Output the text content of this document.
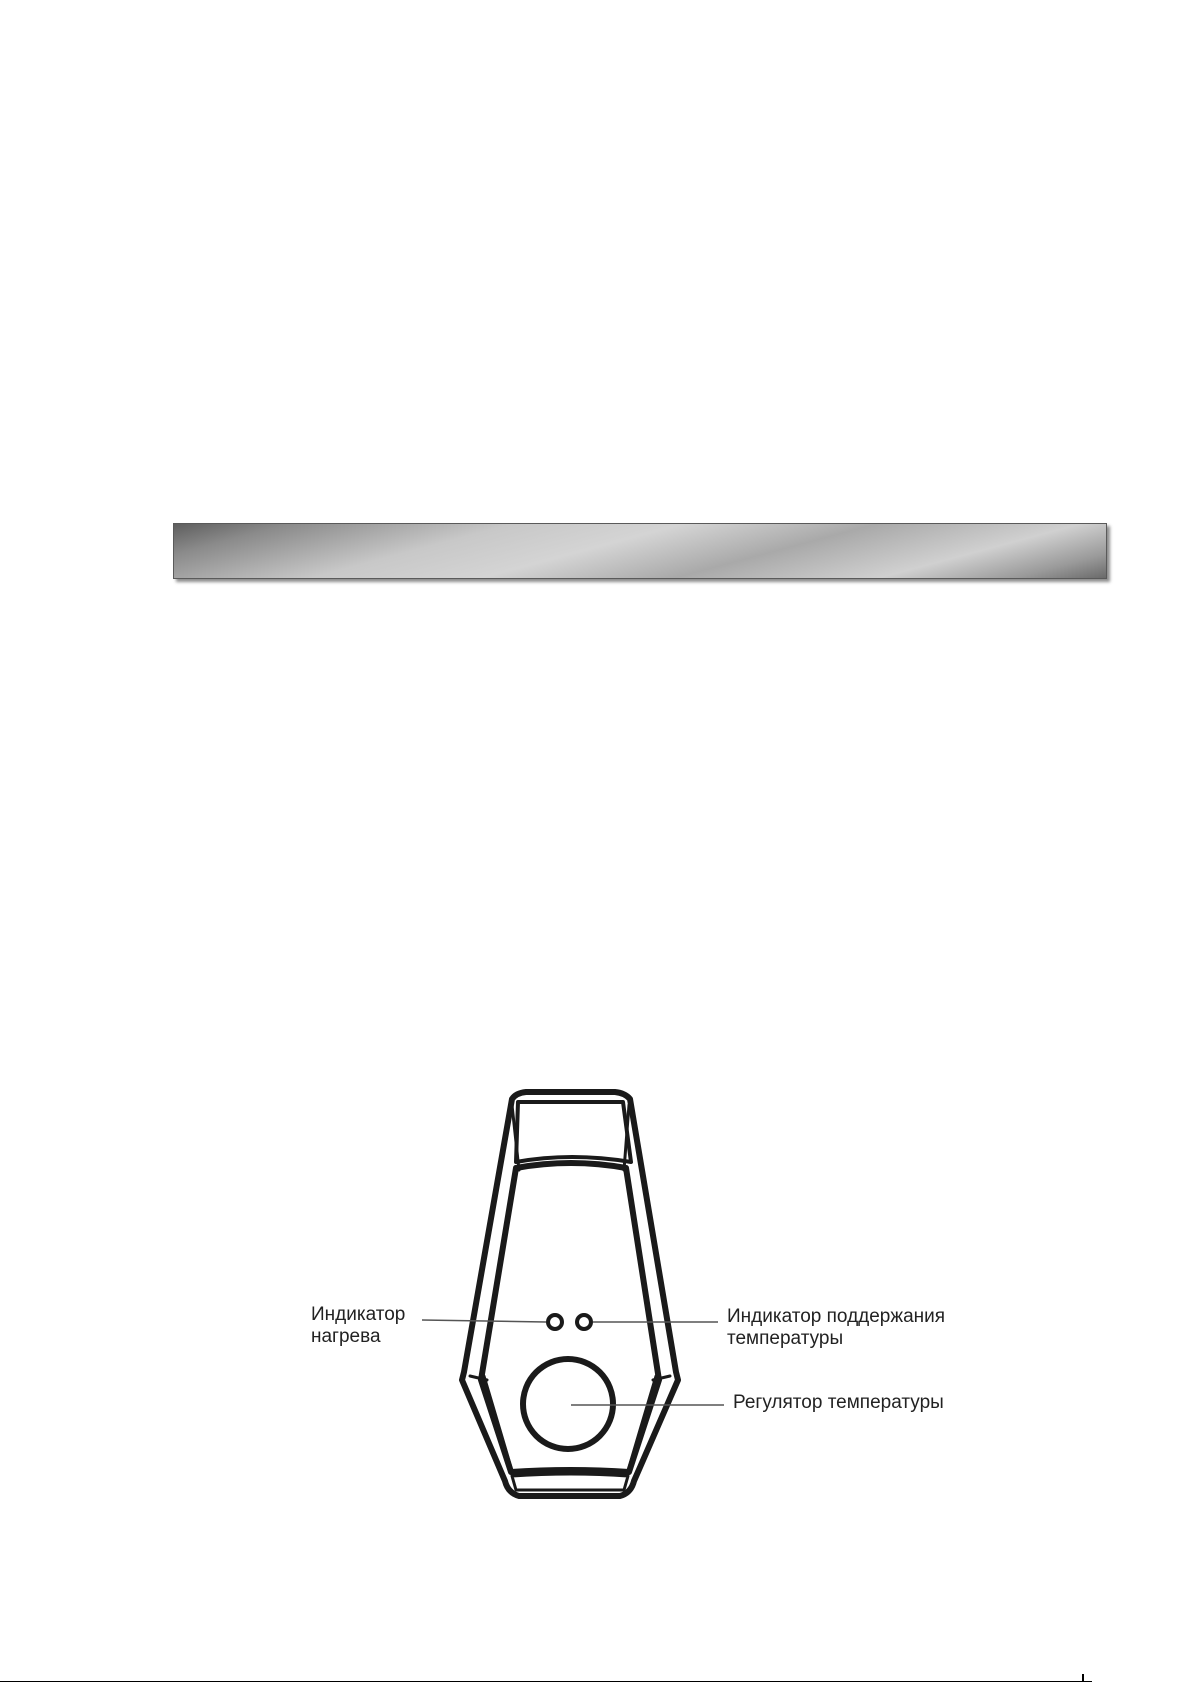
Индикатор
нагрева
Индикатор поддержания
температуры
Регулятор температуры
